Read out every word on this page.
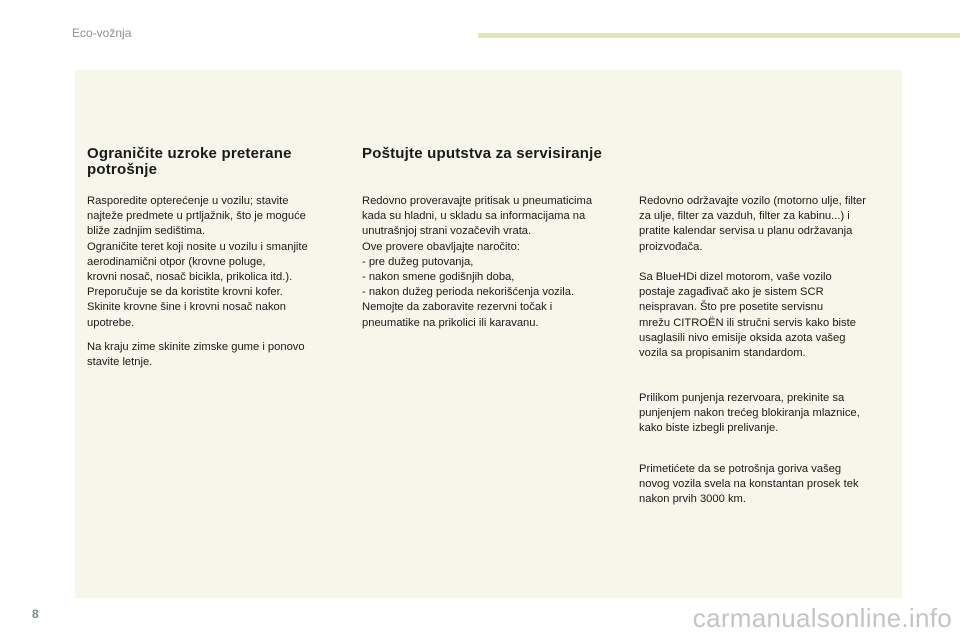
Eco-vožnja
Ograničite uzroke preterane
potrošnje

Rasporedite opterećenje u vozilu; stavite
najteže predmete u prtljažnik, što je moguće
bliže zadnjim sedištima.
Ograničite teret koji nosite u vozilu i smanjite
aerodinamični otpor (krovne poluge,
krovni nosač, nosač bicikla, prikolica itd.).
Preporučuje se da koristite krovni kofer.
Skinite krovne šine i krovni nosač nakon
upotrebe.

Na kraju zime skinite zimske gume i ponovo
stavite letnje.

Poštujte uputstva za servisiranje

Redovno proveravajte pritisak u pneumaticima
kada su hladni, u skladu sa informacijama na
unutrašnjoj strani vozačevih vrata.
Ove provere obavljajte naročito:
- pre dužeg putovanja,
- nakon smene godišnjih doba,
- nakon dužeg perioda nekorišćenja vozila.
Nemojte da zaboravite rezervni točak i
pneumatike na prikolici ili karavanu.

Redovno održavajte vozilo (motorno ulje, filter
za ulje, filter za vazduh, filter za kabinu...) i
pratite kalendar servisa u planu održavanja
proizvođača.

Sa BlueHDi dizel motorom, vaše vozilo
postaje zagađivač ako je sistem SCR
neispravan. Što pre posetite servisnu
mrežu CITROËN ili stručni servis kako biste
usaglasili nivo emisije oksida azota vašeg
vozila sa propisanim standardom.

Prilikom punjenja rezervoara, prekinite sa
punjenjem nakon trećeg blokiranja mlaznice,
kako biste izbegli prelivanje.

Primetićete da se potrošnja goriva vašeg
novog vozila svela na konstantan prosek tek
nakon prvih 3000 km.

8	carmanualsonline.info
